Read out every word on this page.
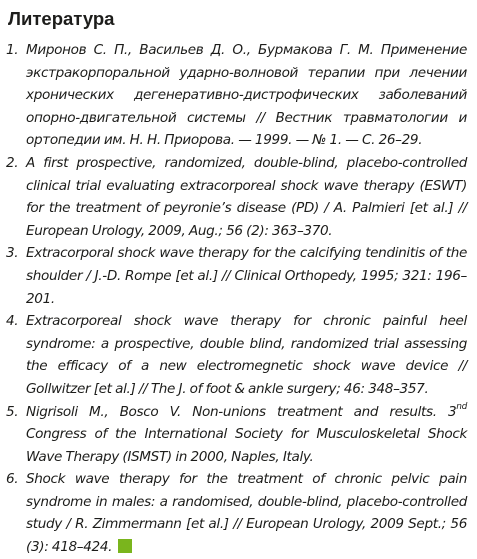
Литература
1. Миронов С. П., Васильев Д. О., Бурмакова Г. М. Применение экстракорпоральной ударно-волновой терапии при лечении хронических дегенеративно-дистрофических заболеваний опорно-двигательной системы // Вестник травматологии и ортопедии им. Н. Н. Приорова. — 1999. — № 1. — С. 26–29.
2. A first prospective, randomized, double-blind, placebo-controlled clinical trial evaluating extracorporeal shock wave therapy (ESWT) for the treatment of peyronie’s disease (PD) / A. Palmieri [et al.] // European Urology, 2009, Aug.; 56 (2): 363–370.
3. Extracorporal shock wave therapy for the calcifying tendinitis of the shoulder / J.-D. Rompe [et al.] // Clinical Orthopedy, 1995; 321: 196–201.
4. Extracorporeal shock wave therapy for chronic painful heel syndrome: a prospective, double blind, randomized trial assessing the efficacy of a new electromegnetic shock wave device // Gollwitzer [et al.] // The J. of foot & ankle surgery; 46: 348–357.
5. Nigrisoli M., Bosco V. Non-unions treatment and results. 3nd Congress of the International Society for Musculoskeletal Shock Wave Therapy (ISMST) in 2000, Naples, Italy.
6. Shock wave therapy for the treatment of chronic pelvic pain syndrome in males: a randomised, double-blind, placebo-controlled study / R. Zimmermann [et al.] // European Urology, 2009 Sept.; 56 (3): 418–424.
